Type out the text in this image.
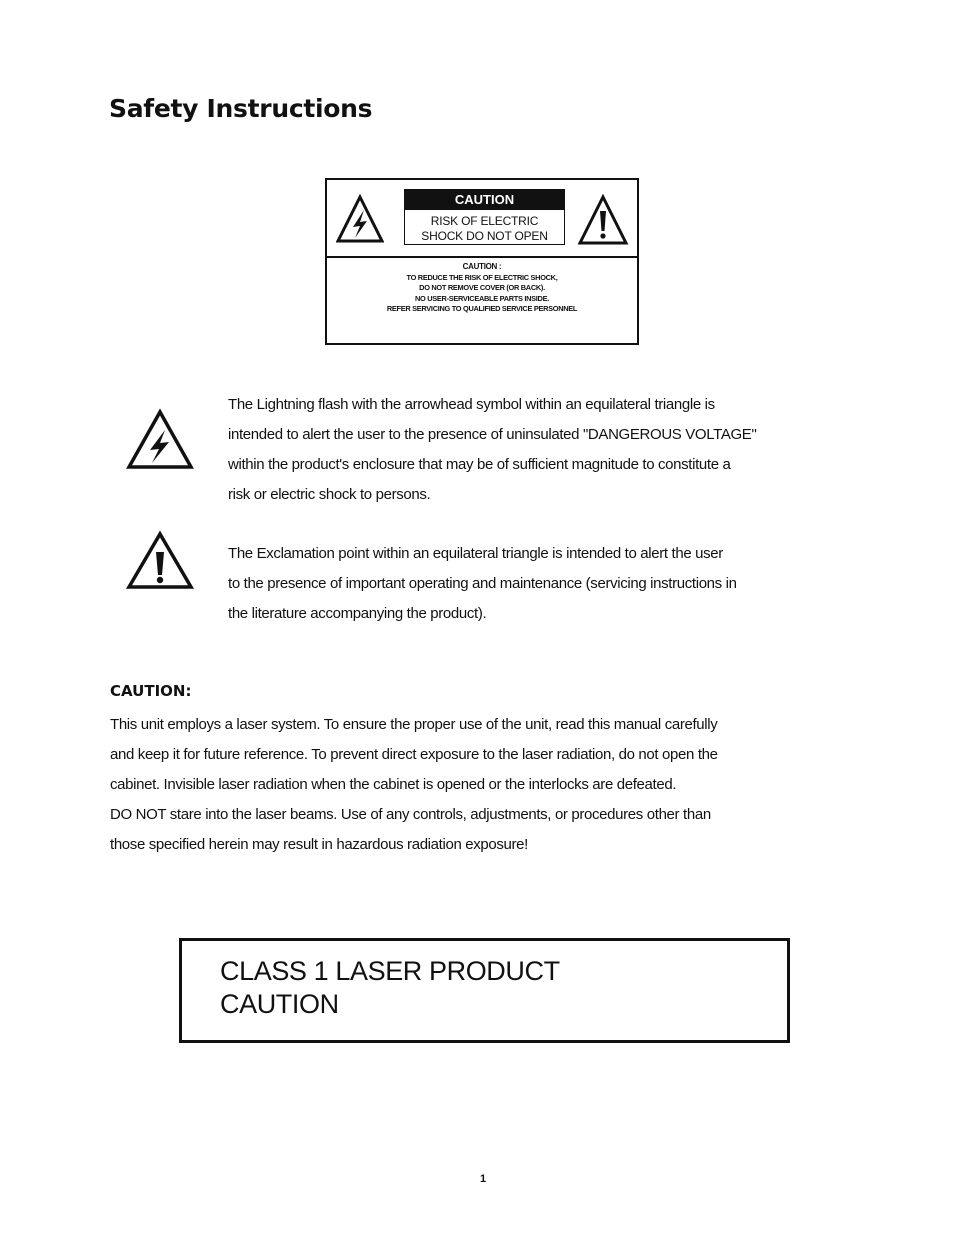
Safety Instructions
CAUTION
RISK OF ELECTRIC
SHOCK DO NOT OPEN
CAUTION :
TO REDUCE THE RISK OF ELECTRIC SHOCK,
DO NOT REMOVE COVER (OR BACK).
NO USER-SERVICEABLE PARTS INSIDE.
REFER SERVICING TO QUALIFIED SERVICE PERSONNEL
The Lightning flash with the arrowhead symbol within an equilateral triangle is
intended to alert the user to the presence of uninsulated "DANGEROUS VOLTAGE"
within the product's enclosure that may be of sufficient magnitude to constitute a
risk or electric shock to persons.
The Exclamation point within an equilateral triangle is intended to alert the user
to the presence of important operating and maintenance (servicing instructions in
the literature accompanying the product).
CAUTION:
This unit employs a laser system. To ensure the proper use of the unit, read this manual carefully
and keep it for future reference. To prevent direct exposure to the laser radiation, do not open the
cabinet. Invisible laser radiation when the cabinet is opened or the interlocks are defeated.
DO NOT stare into the laser beams. Use of any controls, adjustments, or procedures other than
those specified herein may result in hazardous radiation exposure!
CLASS 1 LASER PRODUCT
CAUTION
1
